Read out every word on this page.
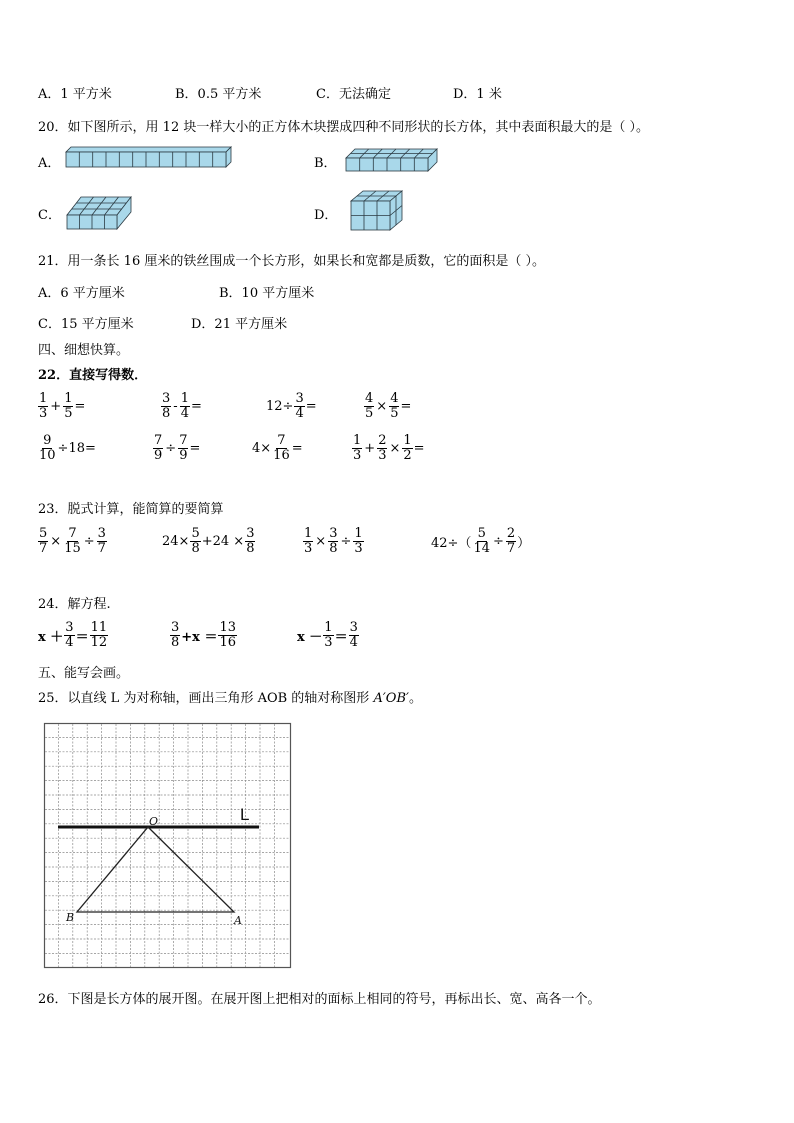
A．1 平方米	B．0.5 平方米	C．无法确定	D．1 米
20．如下图所示，用 12 块一样大小的正方体木块摆成四种不同形状的长方体，其中表面积最大的是（ ）。
A．	B．
C．	D．
21．用一条长 16 厘米的铁丝围成一个长方形，如果长和宽都是质数，它的面积是（ ）。
A．6 平方厘米	B．10 平方厘米
C．15 平方厘米	D．21 平方厘米
四、细想快算。
22．直接写得数．
$\frac{1}{3} + \frac{1}{5}$ =	$\frac{3}{8} - \frac{1}{4}$ =	$12\div \frac{3}{4}$ =	$\frac{4}{5} \times \frac{4}{5}$ =
$\frac{9}{10} \div 18=$	$\frac{7}{9} \div \frac{7}{9}$ =	$4\times \frac{7}{16}$ =	$\frac{1}{3} + \frac{2}{3} \times \frac{1}{2}$ =
23．脱式计算，能简算的要简算
$\frac{5}{7} \times \frac{7}{15} \div \frac{3}{7}$	$24\times \frac{5}{8} +24 \times \frac{3}{8}$	$\frac{1}{3} \times \frac{3}{8} \div \frac{1}{3}$	$42\div( \frac{5}{14} \div \frac{2}{7}$ ）
24．解方程.
$x + \frac{3}{4} = \frac{11}{12}$	$\frac{3}{8} +x = \frac{13}{16}$	$x - \frac{1}{3} = \frac{3}{4}$
五、能写会画。
25．以直线 L 为对称轴，画出三角形 AOB 的轴对称图形 A′OB′。
L
O
A
B
26．下图是长方体的展开图。在展开图上把相对的面标上相同的符号，再标出长、宽、高各一个。
